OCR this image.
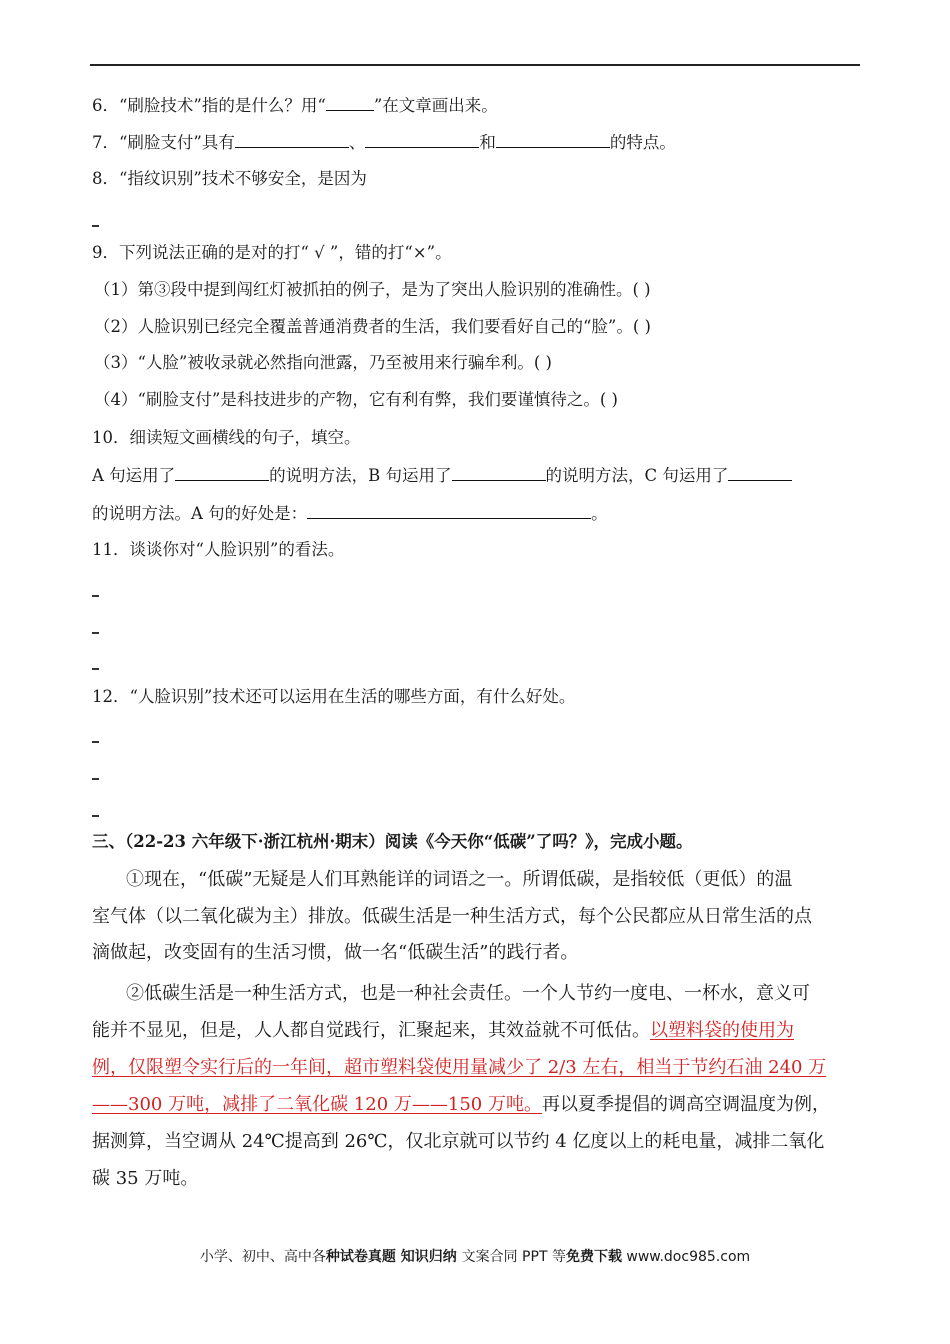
6．“刷脸技术”指的是什么？用“	”在文章画出来。
7．“刷脸支付”具有	、	和	的特点。
8．“指纹识别”技术不够安全，是因为
9．下列说法正确的是对的打“ √ ”，错的打“×”。
（1）第③段中提到闯红灯被抓拍的例子，是为了突出人脸识别的准确性。( )
（2）人脸识别已经完全覆盖普通消费者的生活，我们要看好自己的“脸”。( )
（3）“人脸”被收录就必然指向泄露，乃至被用来行骗牟利。( )
（4）“刷脸支付”是科技进步的产物，它有利有弊，我们要谨慎待之。( )
10．细读短文画横线的句子，填空。
A 句运用了	的说明方法，B 句运用了	的说明方法，C 句运用了
的说明方法。A 句的好处是：	。
11．谈谈你对“人脸识别”的看法。
12．“人脸识别”技术还可以运用在生活的哪些方面，有什么好处。
三、（22-23 六年级下·浙江杭州·期末）阅读《今天你“低碳”了吗？》，完成小题。
①现在，“低碳”无疑是人们耳熟能详的词语之一。所谓低碳，是指较低（更低）的温
室气体（以二氧化碳为主）排放。低碳生活是一种生活方式，每个公民都应从日常生活的点
滴做起，改变固有的生活习惯，做一名“低碳生活”的践行者。
②低碳生活是一种生活方式，也是一种社会责任。一个人节约一度电、一杯水，意义可
能并不显见，但是，人人都自觉践行，汇聚起来，其效益就不可低估。以塑料袋的使用为
例，仅限塑令实行后的一年间，超市塑料袋使用量减少了 2/3 左右，相当于节约石油 240 万
——300 万吨，减排了二氧化碳 120 万——150 万吨。再以夏季提倡的调高空调温度为例，
据测算，当空调从 24℃提高到 26℃，仅北京就可以节约 4 亿度以上的耗电量，减排二氧化
碳 35 万吨。
小学、初中、高中各种试卷真题 知识归纳 文案合同 PPT 等免费下载 www.doc985.com
